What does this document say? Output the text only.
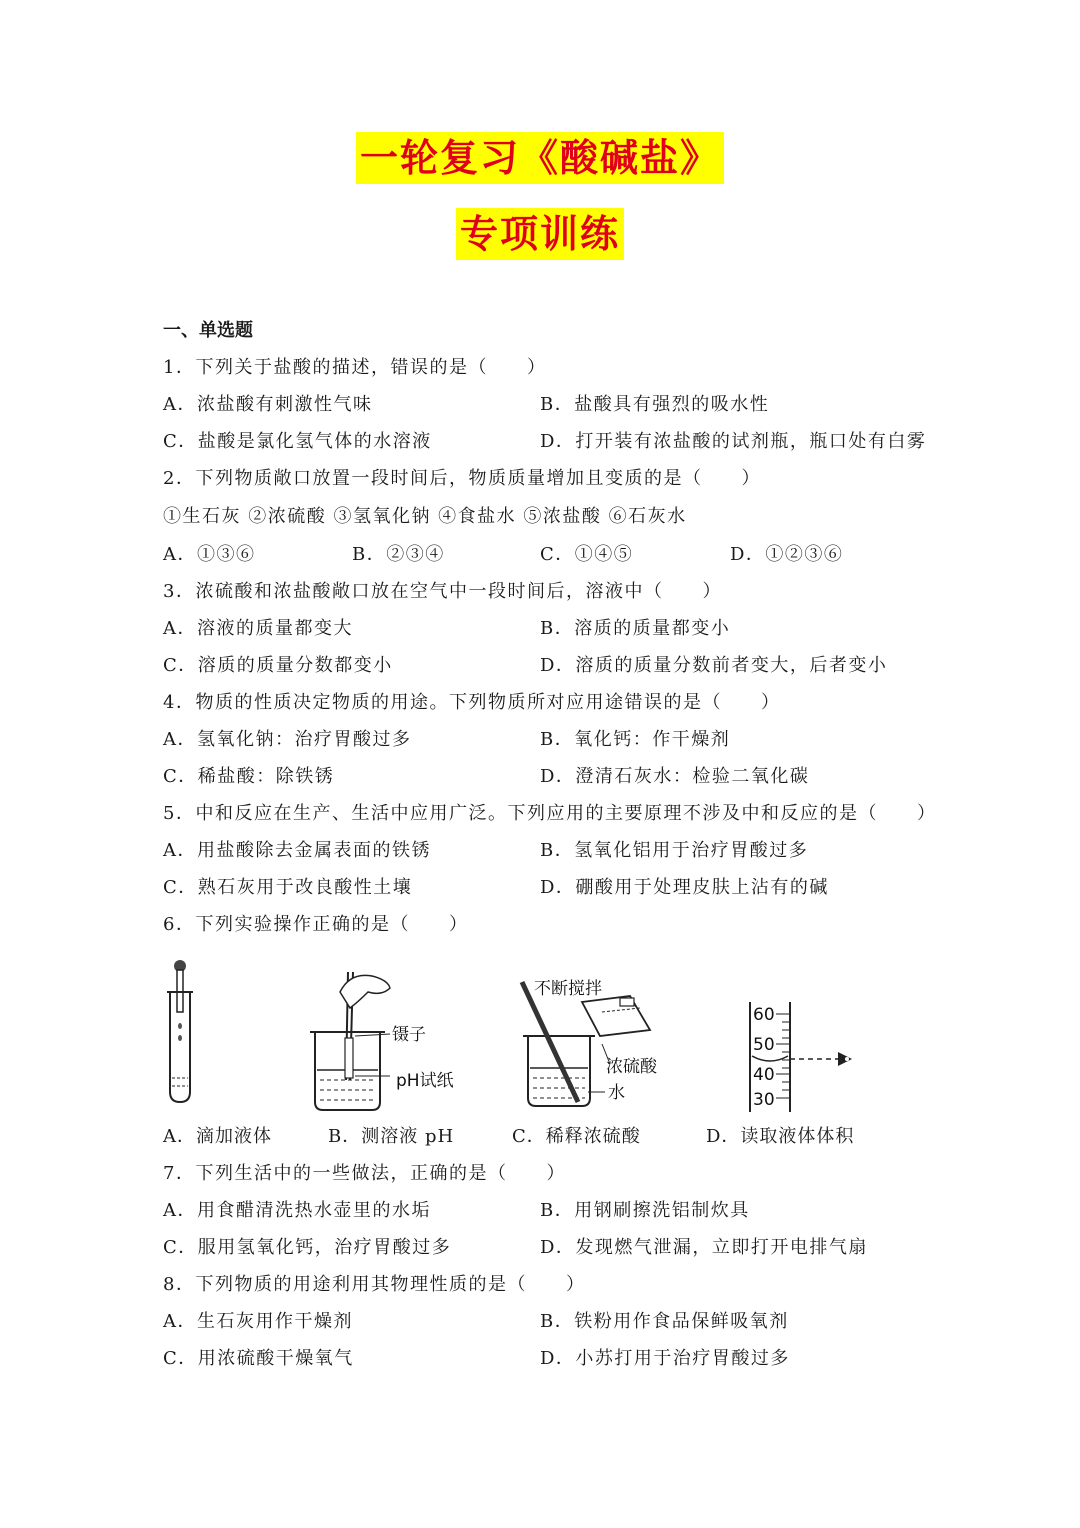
一轮复习《酸碱盐》
专项训练
一、单选题
1．下列关于盐酸的描述，错误的是（　　）
A．浓盐酸有刺激性气味	B．盐酸具有强烈的吸水性
C．盐酸是氯化氢气体的水溶液	D．打开装有浓盐酸的试剂瓶，瓶口处有白雾
2．下列物质敞口放置一段时间后，物质质量增加且变质的是（　　）
①生石灰 ②浓硫酸 ③氢氧化钠 ④食盐水 ⑤浓盐酸 ⑥石灰水
A．①③⑥	B．②③④	C．①④⑤	D．①②③⑥
3．浓硫酸和浓盐酸敞口放在空气中一段时间后，溶液中（　　）
A．溶液的质量都变大	B．溶质的质量都变小
C．溶质的质量分数都变小	D．溶质的质量分数前者变大，后者变小
4．物质的性质决定物质的用途。下列物质所对应用途错误的是（　　）
A．氢氧化钠：治疗胃酸过多	B．氧化钙：作干燥剂
C．稀盐酸：除铁锈	D．澄清石灰水：检验二氧化碳
5．中和反应在生产、生活中应用广泛。下列应用的主要原理不涉及中和反应的是（　　）
A．用盐酸除去金属表面的铁锈	B．氢氧化铝用于治疗胃酸过多
C．熟石灰用于改良酸性土壤	D．硼酸用于处理皮肤上沾有的碱
6．下列实验操作正确的是（　　）
镊子
pH试纸
不断搅拌
浓硫酸
水
60
50
40
30
A．滴加液体	B．测溶液 pH	C．稀释浓硫酸	D．读取液体体积
7．下列生活中的一些做法，正确的是（　　）
A．用食醋清洗热水壶里的水垢	B．用钢刷擦洗铝制炊具
C．服用氢氧化钙，治疗胃酸过多	D．发现燃气泄漏，立即打开电排气扇
8．下列物质的用途利用其物理性质的是（　　）
A．生石灰用作干燥剂	B．铁粉用作食品保鲜吸氧剂
C．用浓硫酸干燥氧气	D．小苏打用于治疗胃酸过多
